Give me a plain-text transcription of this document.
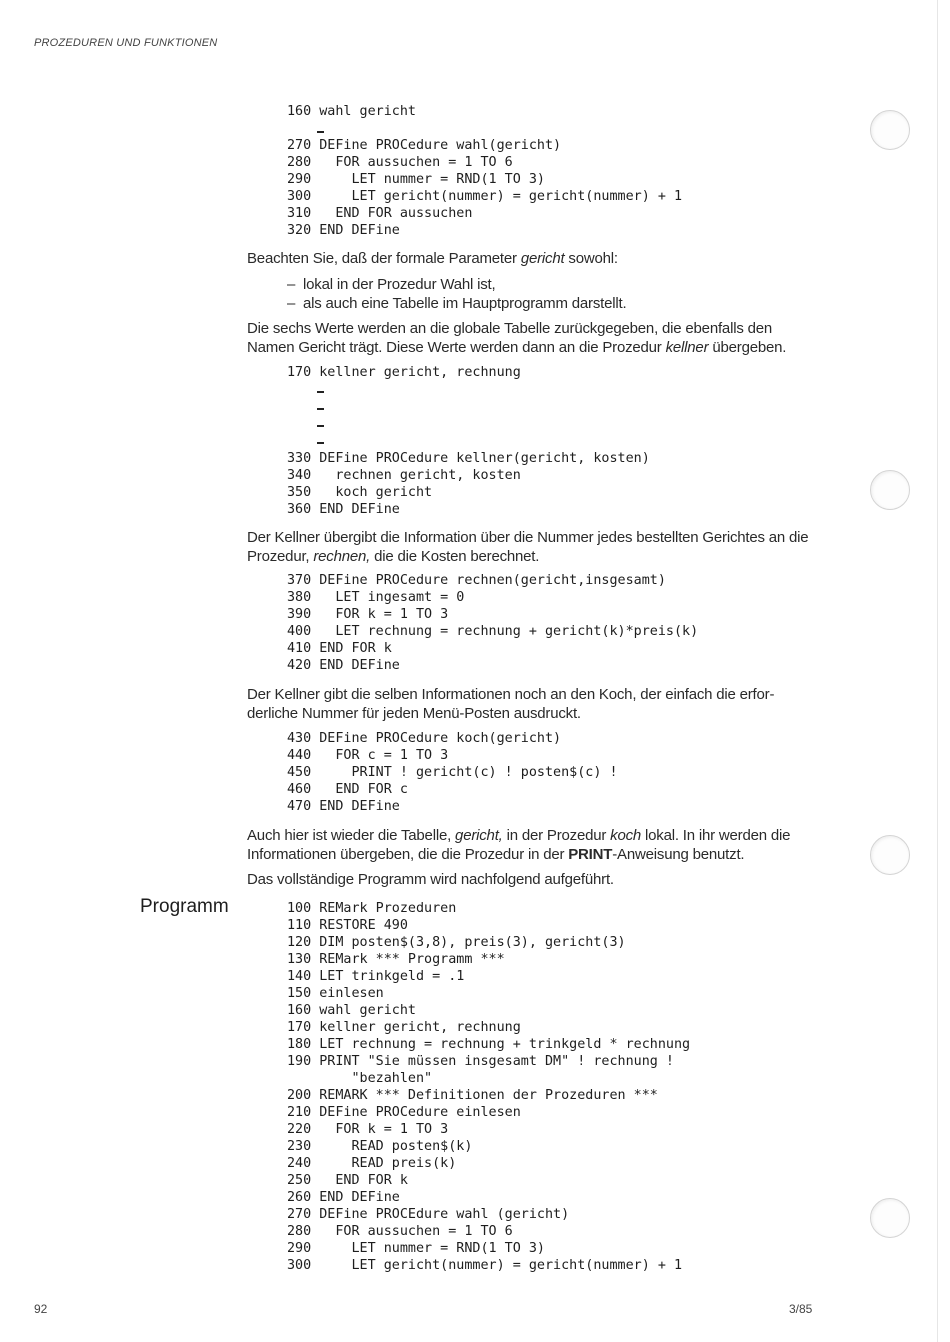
PROZEDUREN UND FUNKTIONEN
160 wahl gericht
270 DEFine PROCedure wahl(gericht)
280   FOR aussuchen = 1 TO 6
290     LET nummer = RND(1 TO 3)
300     LET gericht(nummer) = gericht(nummer) + 1
310   END FOR aussuchen
320 END DEFine

Beachten Sie, daß der formale Parameter gericht sowohl:

– lokal in der Prozedur Wahl ist,
– als auch eine Tabelle im Hauptprogramm darstellt.

Die sechs Werte werden an die globale Tabelle zurückgegeben, die ebenfalls den Namen Gericht trägt. Diese Werte werden dann an die Prozedur kellner übergeben.

170 kellner gericht, rechnung
330 DEFine PROCedure kellner(gericht, kosten)
340   rechnen gericht, kosten
350   koch gericht
360 END DEFine

Der Kellner übergibt die Information über die Nummer jedes bestellten Gerichtes an die Prozedur, rechnen, die die Kosten berechnet.

370 DEFine PROCedure rechnen(gericht,insgesamt)
380   LET ingesamt = 0
390   FOR k = 1 TO 3
400   LET rechnung = rechnung + gericht(k)*preis(k)
410 END FOR k
420 END DEFine

Der Kellner gibt die selben Informationen noch an den Koch, der einfach die erfor-derliche Nummer für jeden Menü-Posten ausdruckt.

430 DEFine PROCedure koch(gericht)
440   FOR c = 1 TO 3
450     PRINT ! gericht(c) ! posten$(c) !
460   END FOR c
470 END DEFine

Auch hier ist wieder die Tabelle, gericht, in der Prozedur koch lokal. In ihr werden die Informationen übergeben, die die Prozedur in der PRINT-Anweisung benutzt.

Das vollständige Programm wird nachfolgend aufgeführt.

Programm	100 REMark Prozeduren
110 RESTORE 490
120 DIM posten$(3,8), preis(3), gericht(3)
130 REMark *** Programm ***
140 LET trinkgeld = .1
150 einlesen
160 wahl gericht
170 kellner gericht, rechnung
180 LET rechnung = rechnung + trinkgeld * rechnung
190 PRINT "Sie müssen insgesamt DM" ! rechnung !
"bezahlen"
200 REMARK *** Definitionen der Prozeduren ***
210 DEFine PROCedure einlesen
220   FOR k = 1 TO 3
230     READ posten$(k)
240     READ preis(k)
250   END FOR k
260 END DEFine
270 DEFine PROCEdure wahl (gericht)
280   FOR aussuchen = 1 TO 6
290     LET nummer = RND(1 TO 3)
300     LET gericht(nummer) = gericht(nummer) + 1
92	3/85
